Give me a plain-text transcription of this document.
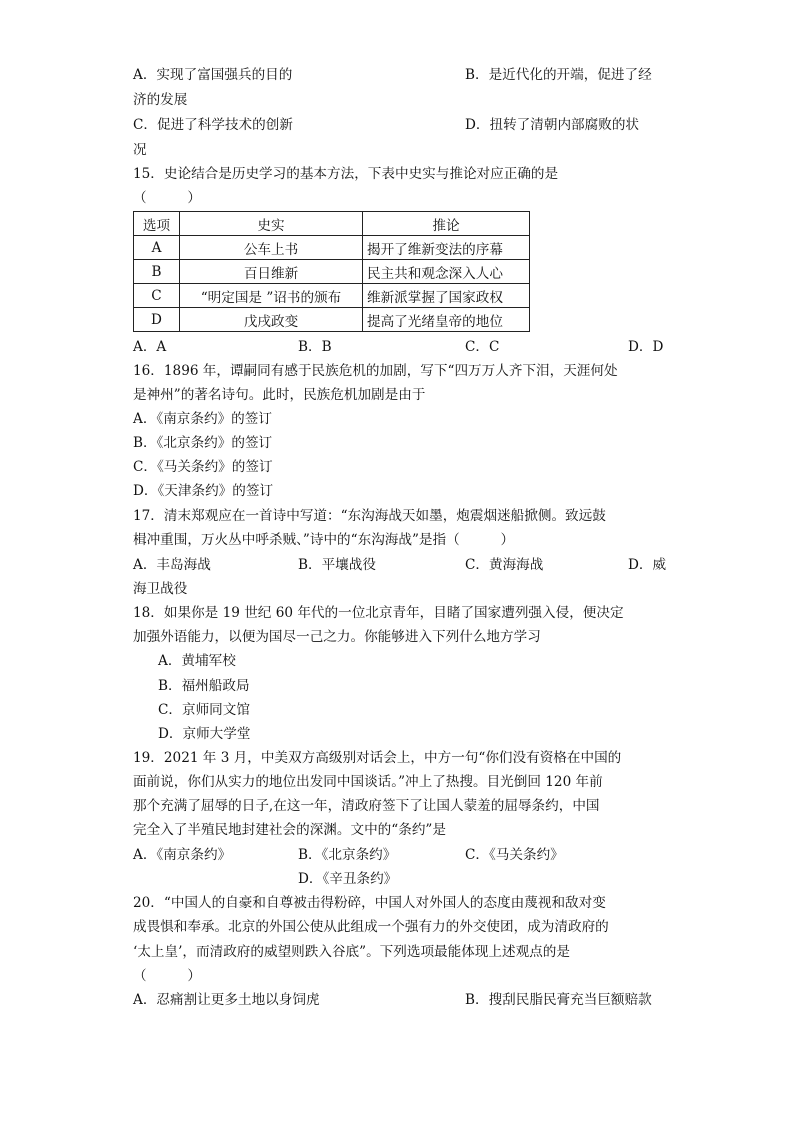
A．实现了富国强兵的目的	B．是近代化的开端，促进了经
济的发展
C．促进了科学技术的创新	D．扭转了清朝内部腐败的状
况
15．史论结合是历史学习的基本方法，下表中史实与推论对应正确的是
（　　　）
选项	史实	推论
A	公车上书	揭开了维新变法的序幕
B	百日维新	民主共和观念深入人心
C	“明定国是 ”诏书的颁布	维新派掌握了国家政权
D	戊戌政变	提高了光绪皇帝的地位
A．A	B．B	C．C	D．D
16．1896 年，谭嗣同有感于民族危机的加剧，写下“四万万人齐下泪，天涯何处
是神州”的著名诗句。此时，民族危机加剧是由于
A．《南京条约》的签订
B．《北京条约》的签订
C．《马关条约》的签订
D．《天津条约》的签订
17．清末郑观应在一首诗中写道：“东沟海战天如墨，炮震烟迷船掀侧。致远鼓
楫冲重围，万火丛中呼杀贼、”诗中的“东沟海战”是指（　　　）
A．丰岛海战	B．平壤战役	C．黄海海战	D．威
海卫战役
18．如果你是 19 世纪 60 年代的一位北京青年，目睹了国家遭列强入侵，便决定
加强外语能力，以便为国尽一己之力。你能够进入下列什么地方学习
A．黄埔军校
B．福州船政局
C．京师同文馆
D．京师大学堂
19．2021 年 3 月，中美双方高级别对话会上，中方一句“你们没有资格在中国的
面前说，你们从实力的地位出发同中国谈话。”冲上了热搜。目光倒回 120 年前
那个充满了屈辱的日子,在这一年，清政府签下了让国人蒙羞的屈辱条约，中国
完全入了半殖民地封建社会的深渊。文中的“条约”是
A．《南京条约》	B．《北京条约》	C．《马关条约》
D．《辛丑条约》
20．“中国人的自豪和自尊被击得粉碎，中国人对外国人的态度由蔑视和敌对变
成畏惧和奉承。北京的外国公使从此组成一个强有力的外交使团，成为清政府的
‘太上皇’，而清政府的威望则跌入谷底”。下列选项最能体现上述观点的是
（　　　）
A．忍痛割让更多土地以身饲虎	B．搜刮民脂民膏充当巨额赔款
